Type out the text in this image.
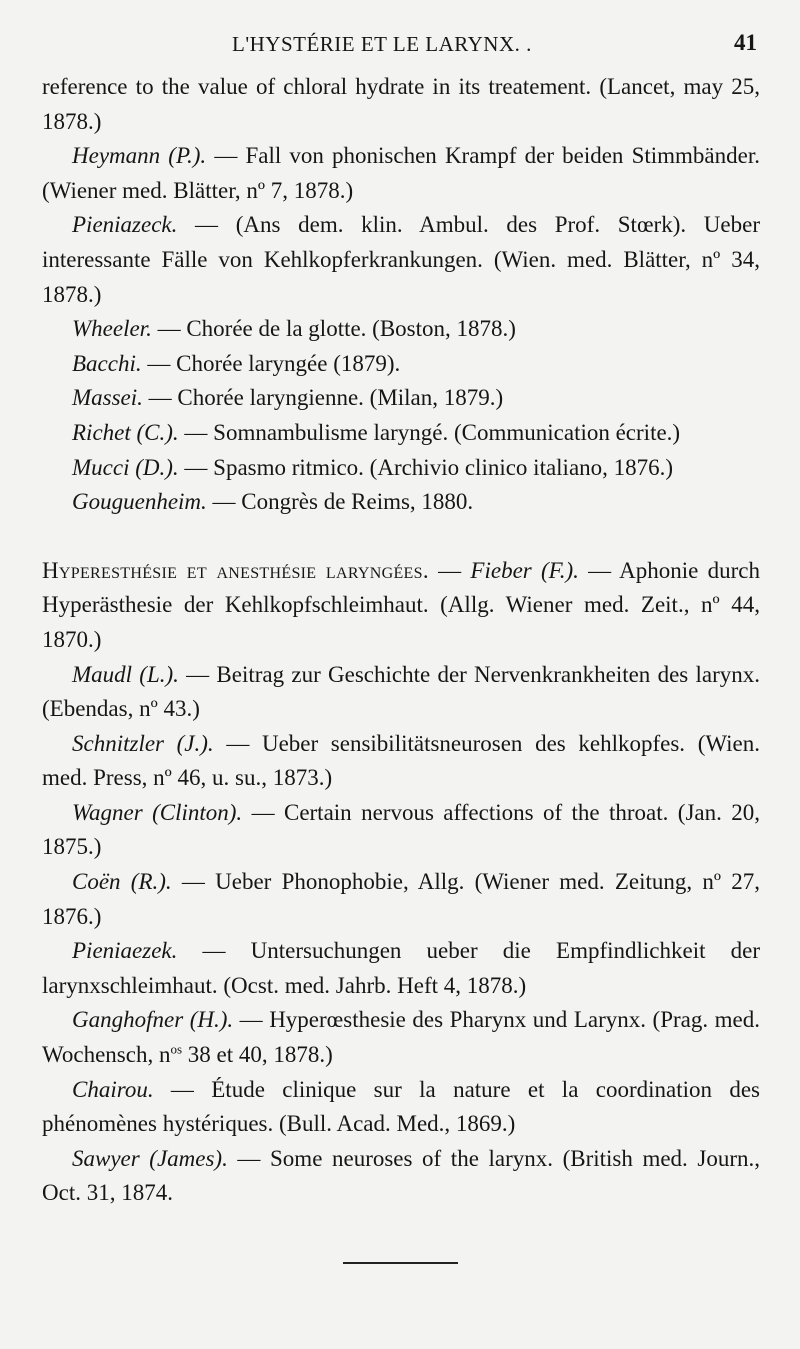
L'HYSTÉRIE ET LE LARYNX. .	41

reference to the value of chloral hydrate in its treatement. (Lancet, may 25, 1878.)

Heymann (P.). — Fall von phonischen Krampf der beiden Stimmbänder. (Wiener med. Blätter, nº 7, 1878.)

Pieniazeck. — (Ans dem. klin. Ambul. des Prof. Stœrk). Ueber interessante Fälle von Kehlkopferkrankungen. (Wien. med. Blätter, nº 34, 1878.)

Wheeler. — Chorée de la glotte. (Boston, 1878.)

Bacchi. — Chorée laryngée (1879).

Massei. — Chorée laryngienne. (Milan, 1879.)

Richet (C.). — Somnambulisme laryngé. (Communication écrite.)

Mucci (D.). — Spasmo ritmico. (Archivio clinico italiano, 1876.)

Gouguenheim. — Congrès de Reims, 1880.

Hyperesthésie et anesthésie laryngées. — Fieber (F.). — Aphonie durch Hyperästhesie der Kehlkopfschleimhaut. (Allg. Wiener med. Zeit., nº 44, 1870.)

Maudl (L.). — Beitrag zur Geschichte der Nervenkrankheiten des larynx. (Ebendas, nº 43.)

Schnitzler (J.). — Ueber sensibilitätsneurosen des kehlkopfes. (Wien. med. Press, nº 46, u. su., 1873.)

Wagner (Clinton). — Certain nervous affections of the throat. (Jan. 20, 1875.)

Coën (R.). — Ueber Phonophobie, Allg. (Wiener med. Zeitung, nº 27, 1876.)

Pieniaezek. — Untersuchungen ueber die Empfindlichkeit der larynxschleimhaut. (Ocst. med. Jahrb. Heft 4, 1878.)

Ganghofner (H.). — Hyperœsthesie des Pharynx und Larynx. (Prag. med. Wochensch, $n^{os}$ 38 et 40, 1878.)

Chairou. — Étude clinique sur la nature et la coordination des phénomènes hystériques. (Bull. Acad. Med., 1869.)

Sawyer (James). — Some neuroses of the larynx. (British med. Journ., Oct. 31, 1874.
